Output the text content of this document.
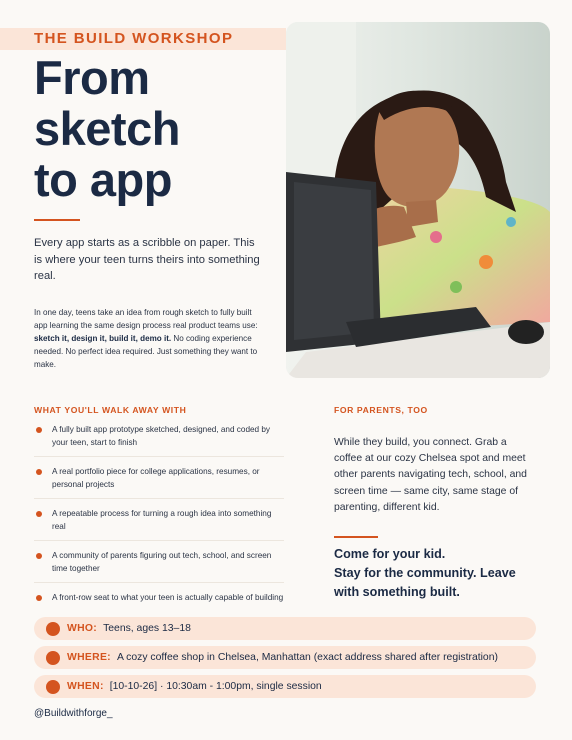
THE BUILD WORKSHOP
From
sketch
to app

Every app starts as a scribble on paper. This is where your teen turns theirs into something real.

In one day, teens take an idea from rough sketch to fully built app learning the same design process real product teams use: sketch it, design it, build it, demo it. No coding experience needed. No perfect idea required. Just something they want to make.

WHAT YOU'LL WALK AWAY WITH
A fully built app prototype sketched, designed, and coded by your teen, start to finish
A real portfolio piece for college applications, resumes, or personal projects
A repeatable process for turning a rough idea into something real
A community of parents figuring out tech, school, and screen time together
A front-row seat to what your teen is actually capable of building
FOR PARENTS, TOO

While they build, you connect. Grab a coffee at our cozy Chelsea spot and meet other parents navigating tech, school, and screen time — same city, same stage of parenting, different kid.

Come for your kid.
Stay for the community. Leave with something built.
WHO: Teens, ages 13–18
WHERE: A cozy coffee shop in Chelsea, Manhattan (exact address shared after registration)
WHEN: [10-10-26] · 10:30am - 1:00pm, single session
@Buildwithforge_
